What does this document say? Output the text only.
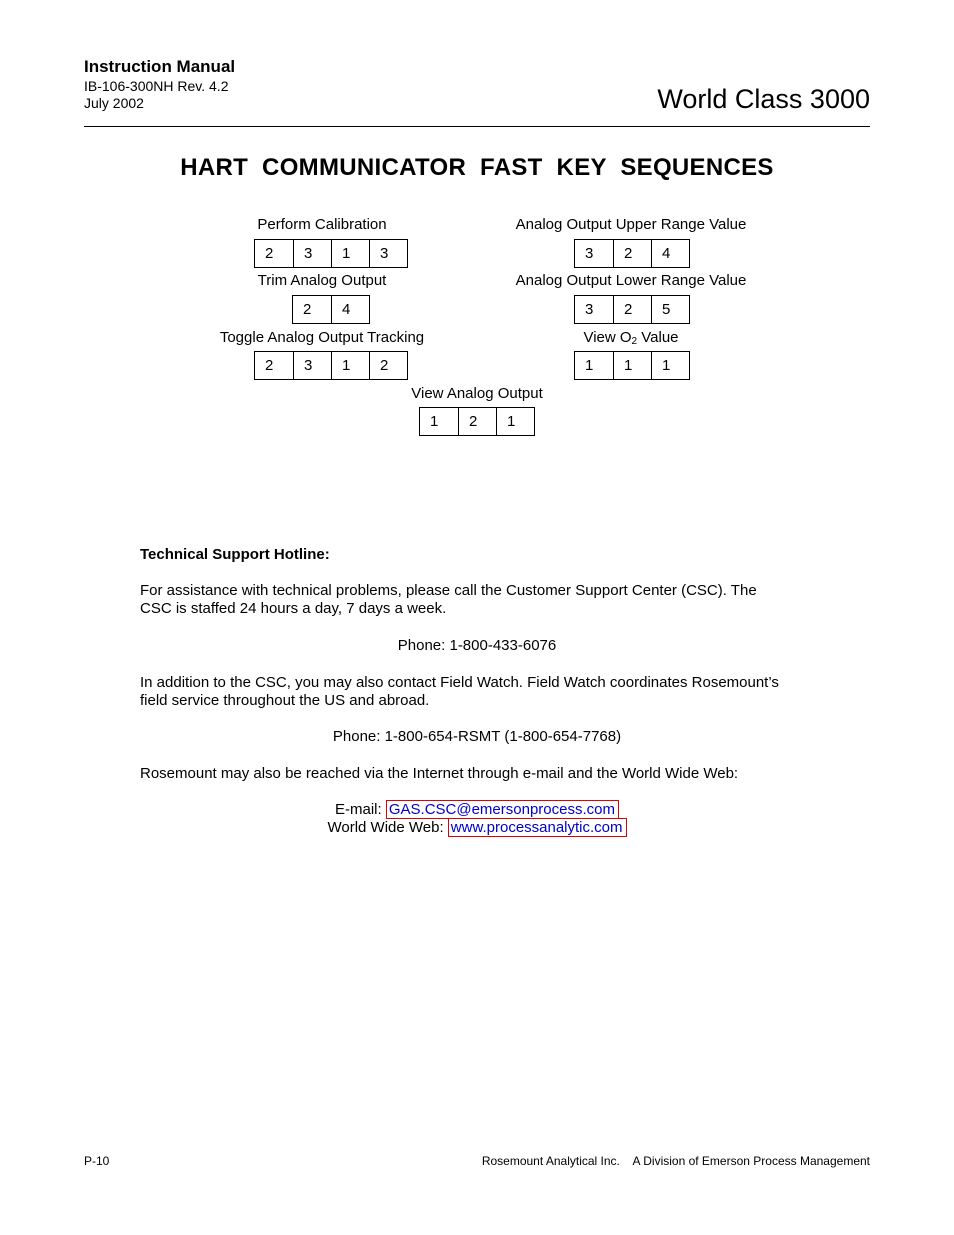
Instruction Manual
IB-106-300NH Rev. 4.2
July 2002	World Class 3000
HART COMMUNICATOR FAST KEY SEQUENCES
Perform Calibration
2	3	1	3
Analog Output Upper Range Value
3	2	4
Trim Analog Output
2	4
Analog Output Lower Range Value
3	2	5
Toggle Analog Output Tracking
2	3	1	2
View $O_2$ Value
1	1	1
View Analog Output
1	2	1
Technical Support Hotline:
For assistance with technical problems, please call the Customer Support Center (CSC). The
CSC is staffed 24 hours a day, 7 days a week.
Phone: 1-800-433-6076
In addition to the CSC, you may also contact Field Watch. Field Watch coordinates Rosemount’s
field service throughout the US and abroad.
Phone: 1-800-654-RSMT (1-800-654-7768)
Rosemount may also be reached via the Internet through e-mail and the World Wide Web:
E-mail: GAS.CSC@emersonprocess.com
World Wide Web: www.processanalytic.com
P-10	Rosemount Analytical Inc.    A Division of Emerson Process Management
